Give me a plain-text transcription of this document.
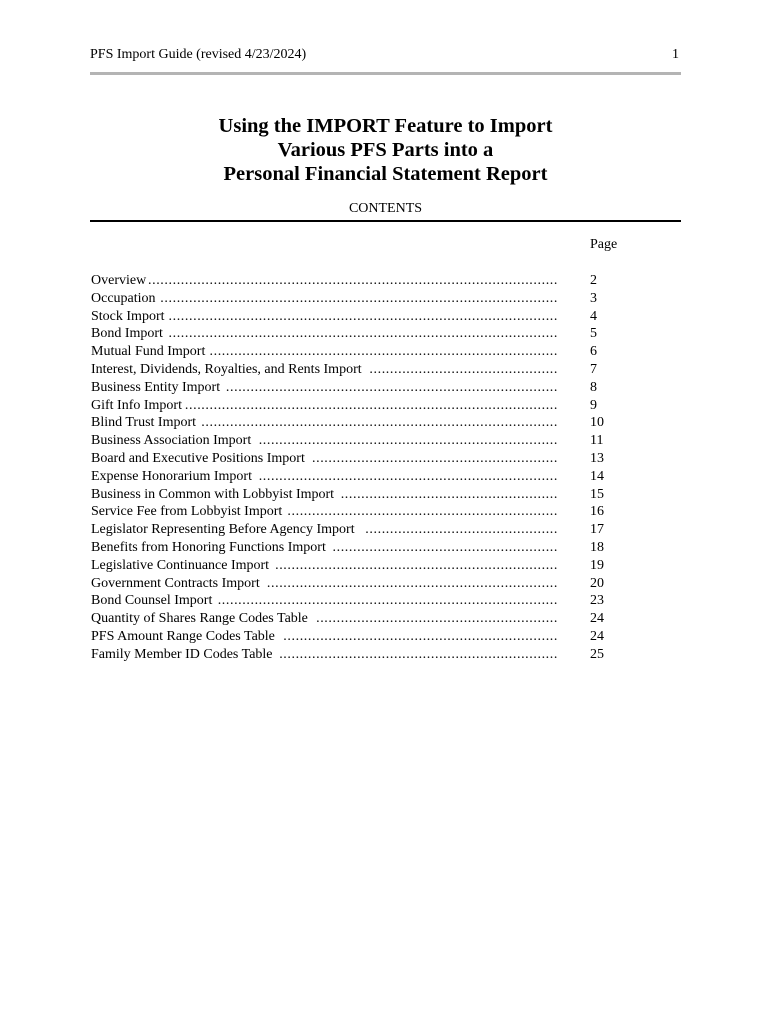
PFS Import Guide (revised 4/23/2024)	1
Using the IMPORT Feature to Import
Various PFS Parts into a
Personal Financial Statement Report
CONTENTS
Page
Overview .................................................................................................... 2
Occupation ................................................................................................. 3
Stock Import ............................................................................................... 4
Bond Import ............................................................................................... 5
Mutual Fund Import ..................................................................................... 6
Interest, Dividends, Royalties, and Rents Import .............................................. 7
Business Entity Import ................................................................................. 8
Gift Info Import ........................................................................................... 9
Blind Trust Import ....................................................................................... 10
Business Association Import ......................................................................... 11
Board and Executive Positions Import ............................................................ 13
Expense Honorarium Import ......................................................................... 14
Business in Common with Lobbyist Import ..................................................... 15
Service Fee from Lobbyist Import .................................................................. 16
Legislator Representing Before Agency Import ............................................... 17
Benefits from Honoring Functions Import ....................................................... 18
Legislative Continuance Import ..................................................................... 19
Government Contracts Import ....................................................................... 20
Bond Counsel Import ................................................................................... 23
Quantity of Shares Range Codes Table ........................................................... 24
PFS Amount Range Codes Table ................................................................... 24
Family Member ID Codes Table .................................................................... 25
